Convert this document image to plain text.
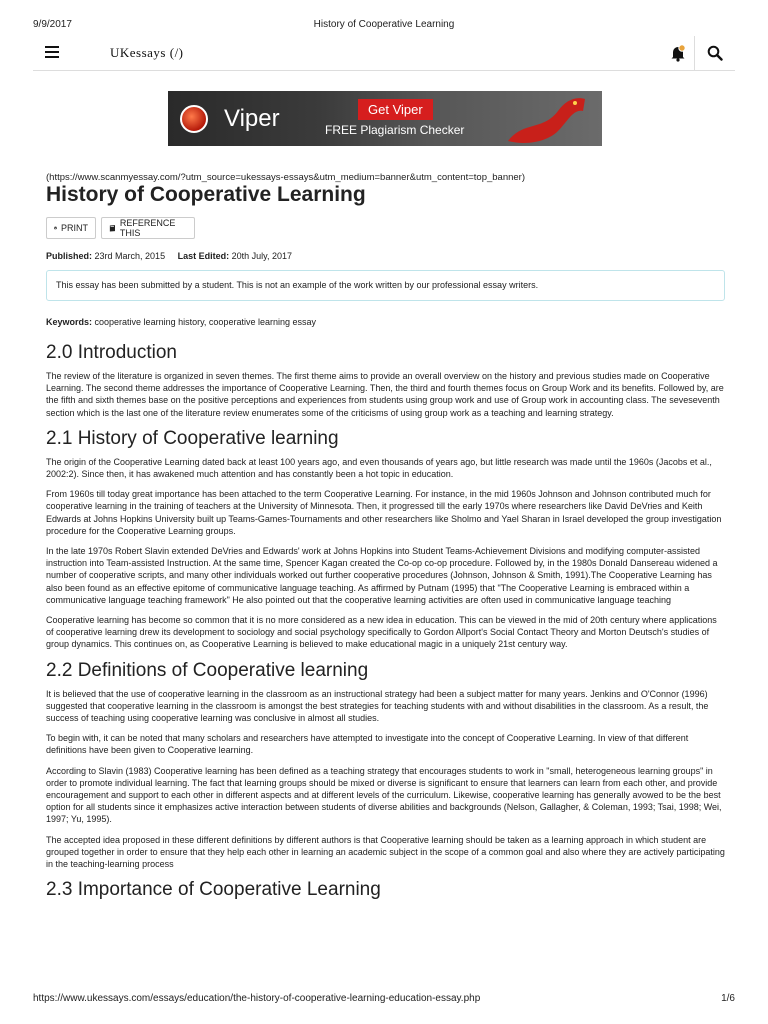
9/9/2017	History of Cooperative Learning
UKessays (/)
Viper	Get Viper
FREE Plagiarism Checker
(https://www.scanmyessay.com/?utm_source=ukessays-essays&utm_medium=banner&utm_content=top_banner)
History of Cooperative Learning
PRINT	REFERENCE THIS
Published: 23rd March, 2015 Last Edited: 20th July, 2017
This essay has been submitted by a student. This is not an example of the work written by our professional essay writers.
Keywords: cooperative learning history, cooperative learning essay
2.0 Introduction

The review of the literature is organized in seven themes. The first theme aims to provide an overall overview on the history and previous studies made on Cooperative Learning. The second theme addresses the importance of Cooperative Learning. Then, the third and fourth themes focus on Group Work and its benefits. Followed by, are the fifth and sixth themes base on the positive perceptions and experiences from students using group work and use of Group work in accounting class. The seveseventh section which is the last one of the literature review enumerates some of the criticisms of using group work as a teaching and learning strategy.

2.1 History of Cooperative learning

The origin of the Cooperative Learning dated back at least 100 years ago, and even thousands of years ago, but little research was made until the 1960s (Jacobs et al., 2002:2). Since then, it has awakened much attention and has constantly been a hot topic in education.

From 1960s till today great importance has been attached to the term Cooperative Learning. For instance, in the mid 1960s Johnson and Johnson contributed much for cooperative learning in the training of teachers at the University of Minnesota. Then, it progressed till the early 1970s where researchers like David DeVries and Keith Edwards at Johns Hopkins University built up Teams-Games-Tournaments and other researchers like Sholmo and Yael Sharan in Israel developed the group investigation procedure for the Cooperative Learning groups.

In the late 1970s Robert Slavin extended DeVries and Edwards' work at Johns Hopkins into Student Teams-Achievement Divisions and modifying computer-assisted instruction into Team-assisted Instruction. At the same time, Spencer Kagan created the Co-op co-op procedure. Followed by, in the 1980s Donald Dansereau widened a number of cooperative scripts, and many other individuals worked out further cooperative procedures (Johnson, Johnson & Smith, 1991).The Cooperative Learning has also been found as an effective epitome of communicative language teaching. As affirmed by Putnam (1995) that "The Cooperative Learning is embraced within a communicative language teaching framework" He also pointed out that the cooperative learning activities are often used in communicative language teaching

Cooperative learning has become so common that it is no more considered as a new idea in education. This can be viewed in the mid of 20th century where applications of cooperative learning drew its development to sociology and social psychology specifically to Gordon Allport's Social Contact Theory and Morton Deutsch's studies of group dynamics. This continues on, as Cooperative Learning is believed to make educational magic in a uniquely 21st century way.

2.2 Definitions of Cooperative learning

It is believed that the use of cooperative learning in the classroom as an instructional strategy had been a subject matter for many years. Jenkins and O'Connor (1996) suggested that cooperative learning in the classroom is amongst the best strategies for teaching students with and without disabilities in the classroom. As a result, the success of teaching using cooperative learning was conclusive in almost all studies.

To begin with, it can be noted that many scholars and researchers have attempted to investigate into the concept of Cooperative Learning. In view of that different definitions have been given to Cooperative learning.

According to Slavin (1983) Cooperative learning has been defined as a teaching strategy that encourages students to work in "small, heterogeneous learning groups" in order to promote individual learning. The fact that learning groups should be mixed or diverse is significant to ensure that learners can learn from each other, and provide encouragement and support to each other in different aspects and at different levels of the curriculum. Likewise, cooperative learning has generally avowed to be the best option for all students since it emphasizes active interaction between students of diverse abilities and backgrounds (Nelson, Gallagher, & Coleman, 1993; Tsai, 1998; Wei, 1997; Yu, 1995).

The accepted idea proposed in these different definitions by different authors is that Cooperative learning should be taken as a learning approach in which student are grouped together in order to ensure that they help each other in learning an academic subject in the scope of a common goal and also where they are actively participating in the teaching-learning process

2.3 Importance of Cooperative Learning
https://www.ukessays.com/essays/education/the-history-of-cooperative-learning-education-essay.php	1/6
